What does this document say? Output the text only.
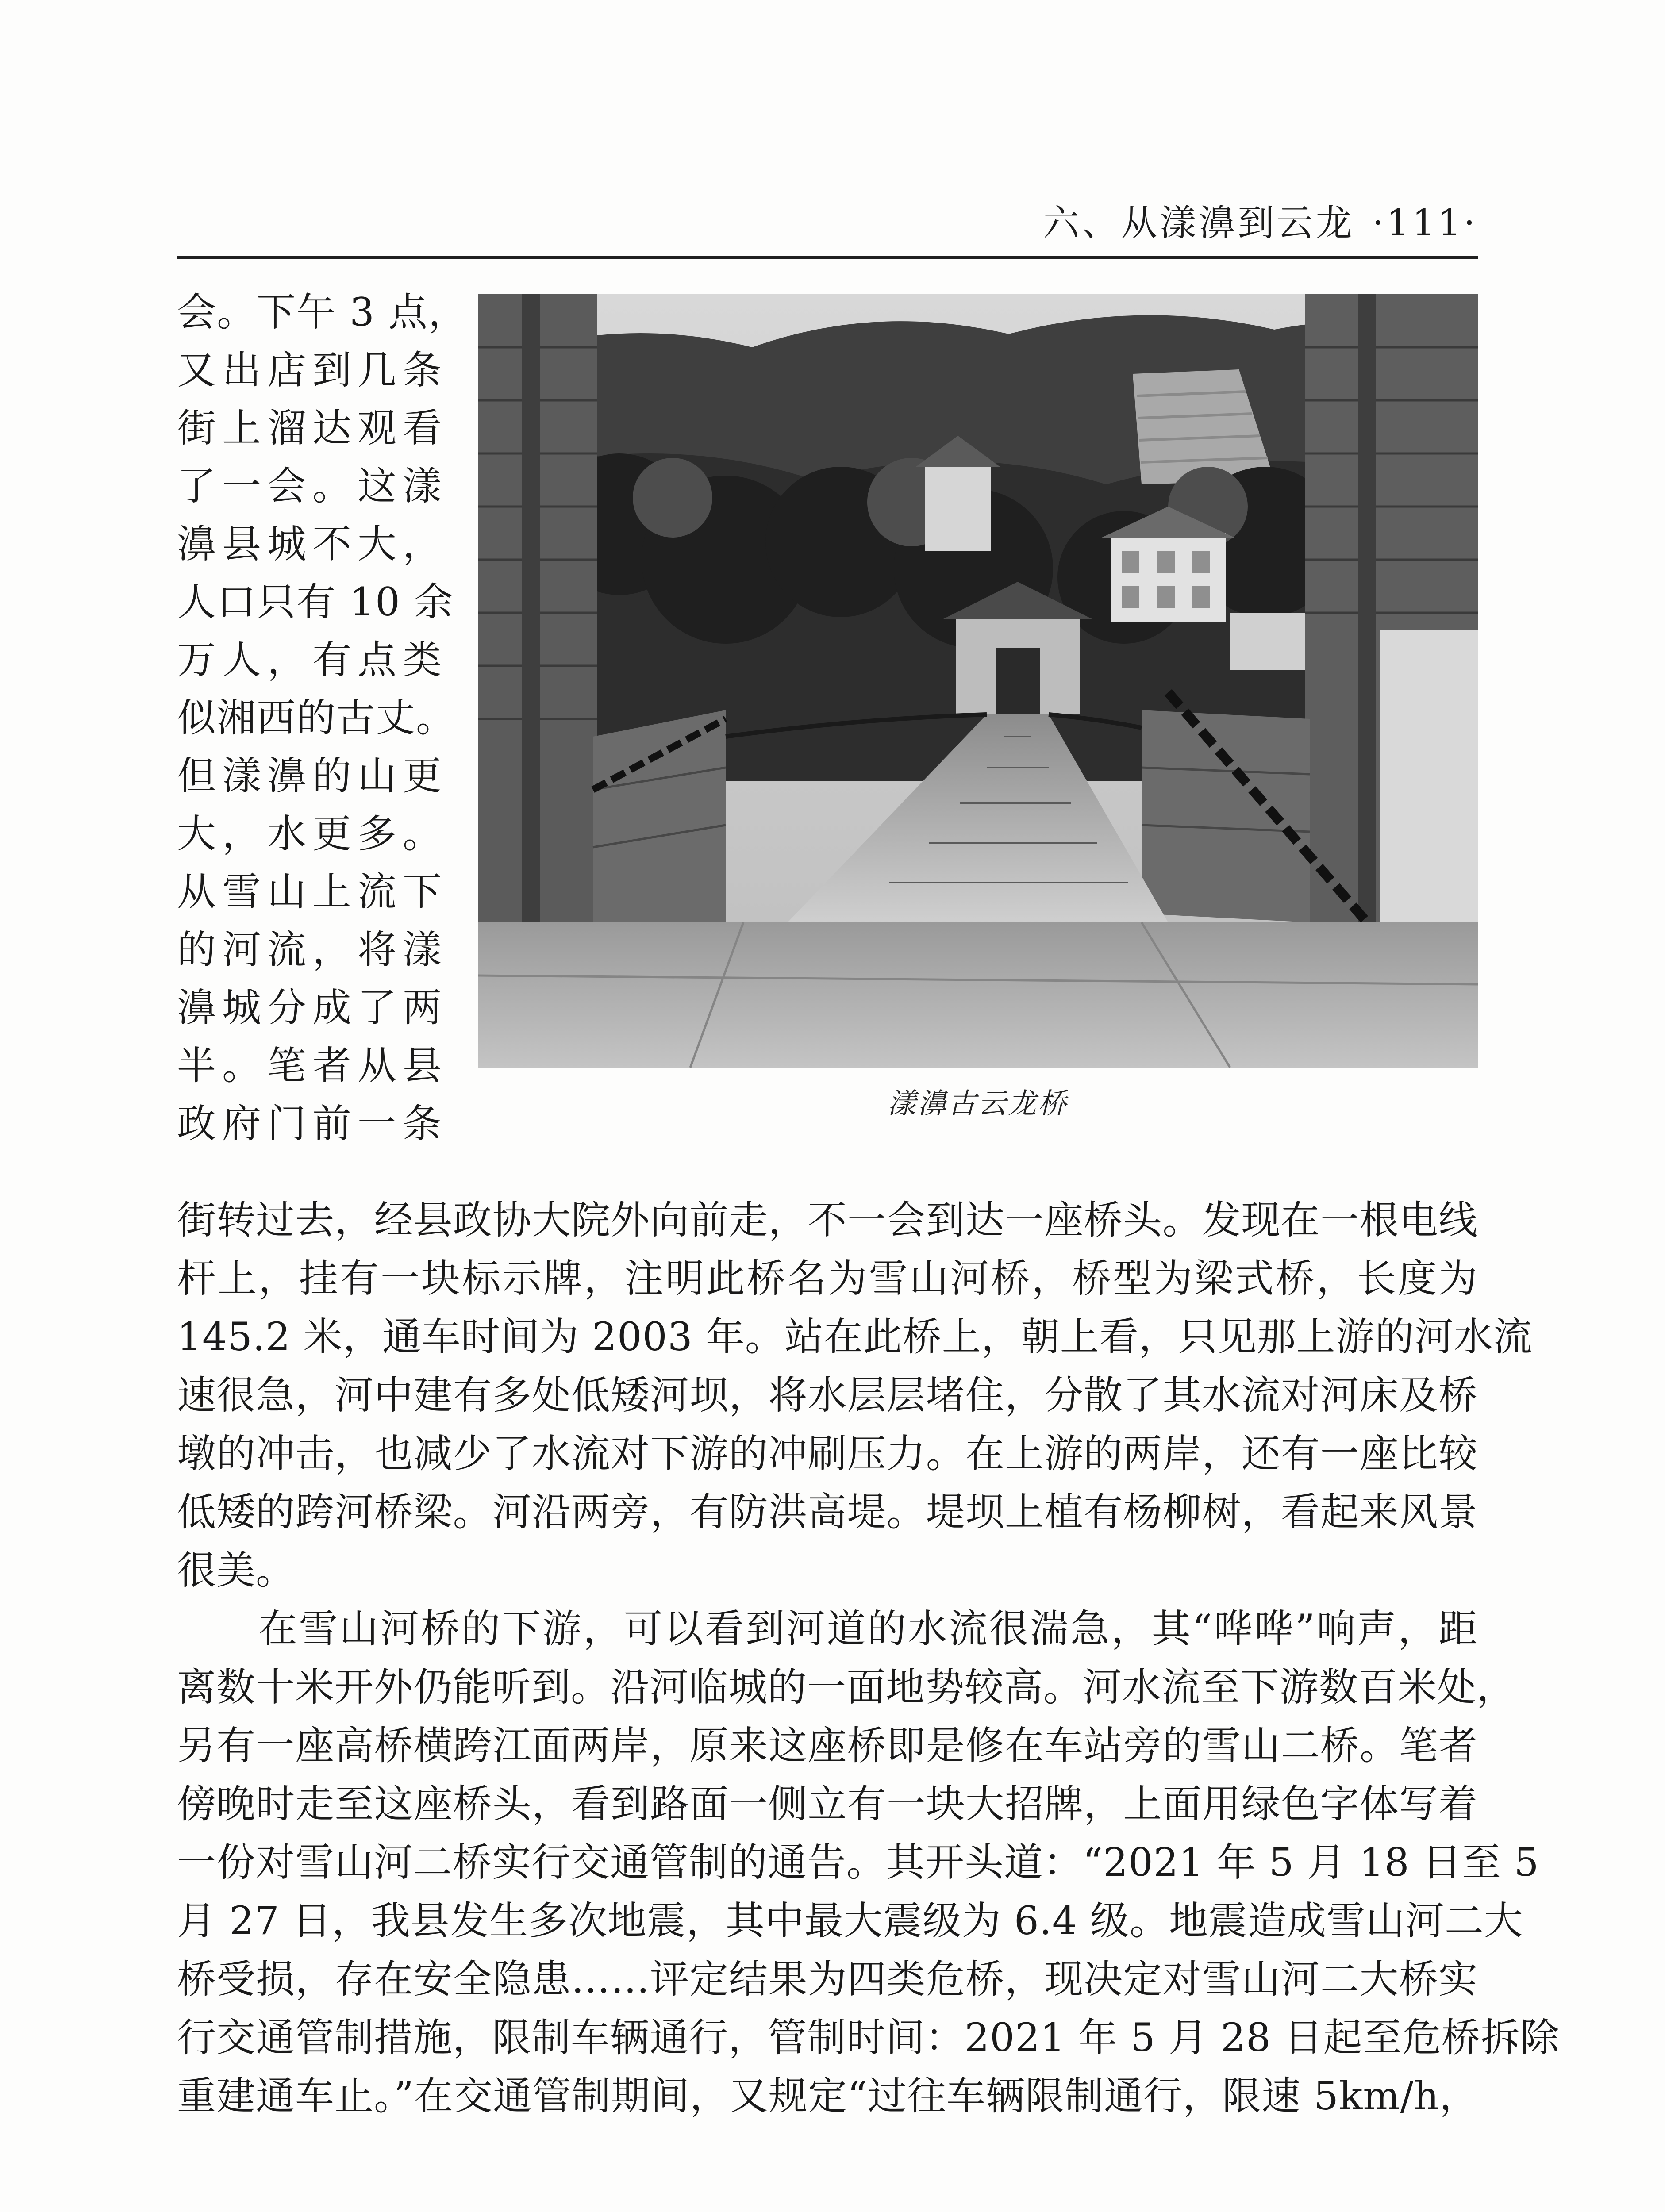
六、从漾濞到云龙 ·111·
会。下午 3 点，
又出店到几条
街上溜达观看
了一会。这漾
濞县城不大，
人口只有 10 余
万人，有点类
似湘西的古丈。
但漾濞的山更
大，水更多。
从雪山上流下
的河流，将漾
濞城分成了两
半。笔者从县
政府门前一条	漾濞古云龙桥
街转过去，经县政协大院外向前走，不一会到达一座桥头。发现在一根电线
杆上，挂有一块标示牌，注明此桥名为雪山河桥，桥型为梁式桥，长度为
145.2 米，通车时间为 2003 年。站在此桥上，朝上看，只见那上游的河水流
速很急，河中建有多处低矮河坝，将水层层堵住，分散了其水流对河床及桥
墩的冲击，也减少了水流对下游的冲刷压力。在上游的两岸，还有一座比较
低矮的跨河桥梁。河沿两旁，有防洪高堤。堤坝上植有杨柳树，看起来风景
很美。
　　在雪山河桥的下游，可以看到河道的水流很湍急，其“哗哗”响声，距
离数十米开外仍能听到。沿河临城的一面地势较高。河水流至下游数百米处，
另有一座高桥横跨江面两岸，原来这座桥即是修在车站旁的雪山二桥。笔者
傍晚时走至这座桥头，看到路面一侧立有一块大招牌，上面用绿色字体写着
一份对雪山河二桥实行交通管制的通告。其开头道：“2021 年 5 月 18 日至 5
月 27 日，我县发生多次地震，其中最大震级为 6.4 级。地震造成雪山河二大
桥受损，存在安全隐患……评定结果为四类危桥，现决定对雪山河二大桥实
行交通管制措施，限制车辆通行，管制时间：2021 年 5 月 28 日起至危桥拆除
重建通车止。”在交通管制期间，又规定“过往车辆限制通行，限速 5km/h，
